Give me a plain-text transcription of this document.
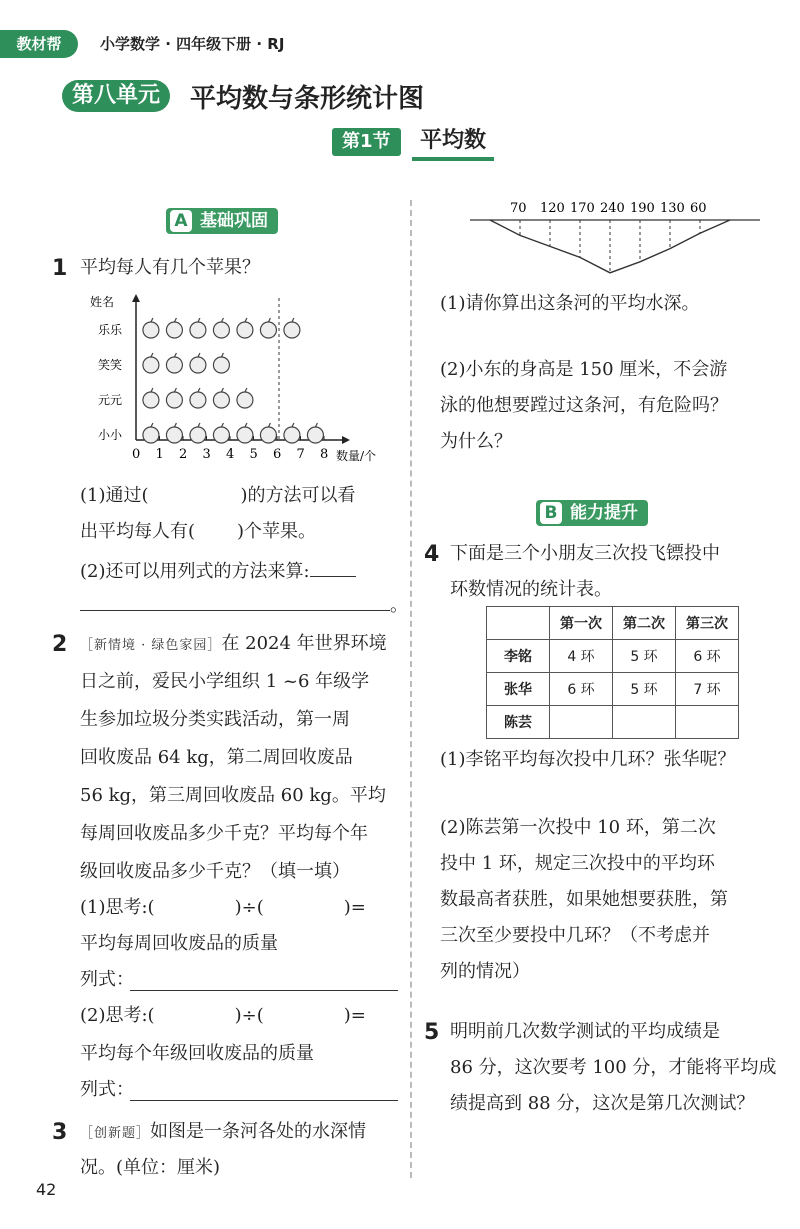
教材帮	小学数学 · 四年级下册 · RJ
第八单元	平均数与条形统计图
第1节	平均数
A 基础巩固
1 平均每人有几个苹果？
姓名
0 1 2 3 4 5 6 7 8 数量/个
乐乐
笑笑
元元
小小
(1)通过(	)的方法可以看
出平均每人有( )个苹果。
(2)还可以用列式的方法来算:
。
2 ［新情境 · 绿色家园］在 2024 年世界环境
日之前，爱民小学组织 1 ~6 年级学
生参加垃圾分类实践活动，第一周
回收废品 64 kg，第二周回收废品
56 kg，第三周回收废品 60 kg。平均
每周回收废品多少千克？平均每个年
级回收废品多少千克？（填一填）
(1)思考:(	)÷(	)=
平均每周回收废品的质量
列式：
(2)思考:(	)÷(	)=
平均每个年级回收废品的质量
列式：
3 ［创新题］如图是一条河各处的水深情
况。(单位：厘米)
70 120 170 240 190 130 60
(1)请你算出这条河的平均水深。
(2)小东的身高是 150 厘米，不会游
泳的他想要蹚过这条河，有危险吗？
为什么？
B 能力提升
4 下面是三个小朋友三次投飞镖投中
环数情况的统计表。
	第一次	第二次	第三次
李铭	4 环	5 环	6 环
张华	6 环	5 环	7 环
陈芸			
(1)李铭平均每次投中几环？张华呢？
(2)陈芸第一次投中 10 环，第二次
投中 1 环，规定三次投中的平均环
数最高者获胜，如果她想要获胜，第
三次至少要投中几环？（不考虑并
列的情况）
5 明明前几次数学测试的平均成绩是
86 分，这次要考 100 分，才能将平均成
绩提高到 88 分，这次是第几次测试？
42
